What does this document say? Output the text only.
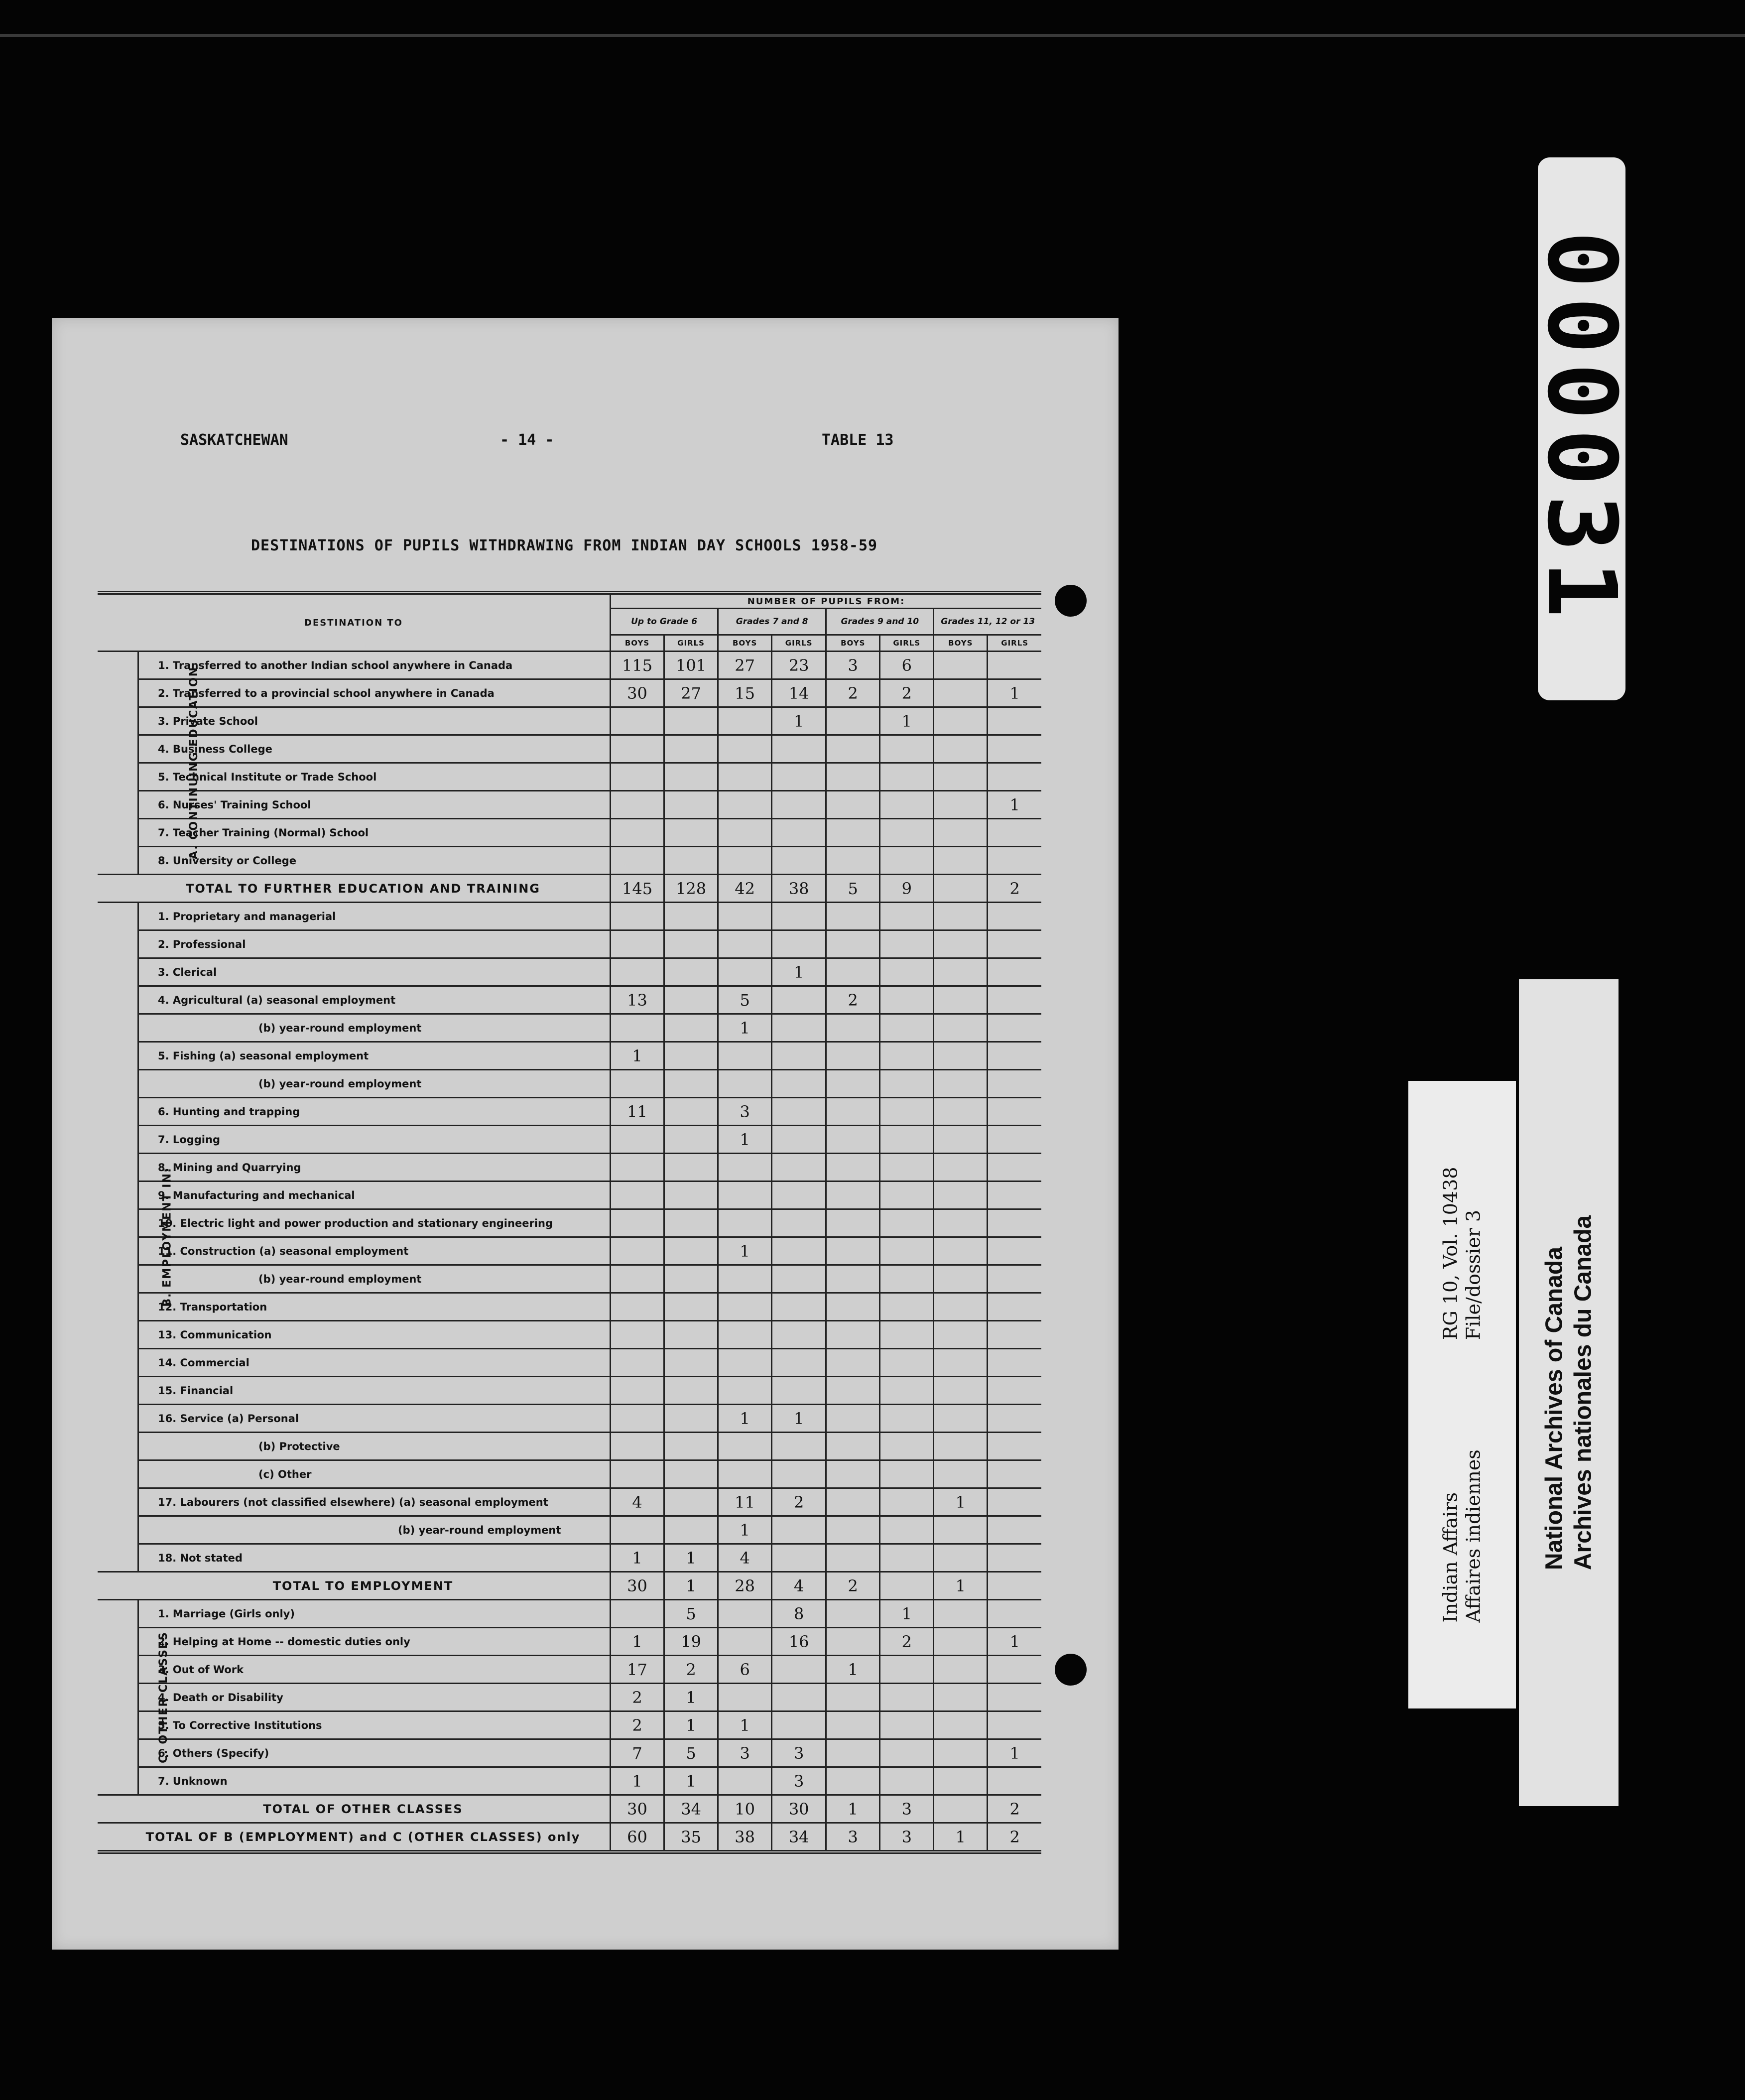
SASKATCHEWAN	- 14 -	TABLE 13
DESTINATIONS OF PUPILS WITHDRAWING FROM INDIAN DAY SCHOOLS 1958-59
DESTINATION TO		NUMBER OF PUPILS FROM:							
		Up to Grade 6		Grades 7 and 8		Grades 9 and 10		Grades 11, 12 or 13	
		BOYS	GIRLS	BOYS	GIRLS	BOYS	GIRLS	BOYS	GIRLS
A. CONTINUING EDUCATION	1. Transferred to another Indian school anywhere in Canada	115	101	27	23	3	6		
	2. Transferred to a provincial school anywhere in Canada	30	27	15	14	2	2		1
	3. Private School				1		1		
	4. Business College								
	5. Technical Institute or Trade School								
	6. Nurses' Training School								1
	7. Teacher Training (Normal) School								
	8. University or College								
TOTAL TO FURTHER EDUCATION AND TRAINING		145	128	42	38	5	9		2
B. EMPLOYMENT IN:	1. Proprietary and managerial								
	2. Professional								
	3. Clerical				1				
	4. Agricultural (a) seasonal employment	13		5		2			
	(b) year-round employment			1					
	5. Fishing (a) seasonal employment	1							
	(b) year-round employment								
	6. Hunting and trapping	11		3					
	7. Logging			1					
	8. Mining and Quarrying								
	9. Manufacturing and mechanical								
	10. Electric light and power production and stationary engineering								
	11. Construction (a) seasonal employment			1					
	(b) year-round employment								
	12. Transportation								
	13. Communication								
	14. Commercial								
	15. Financial								
	16. Service (a) Personal			1	1				
	(b) Protective								
	(c) Other								
	17. Labourers (not classified elsewhere) (a) seasonal employment	4		11	2			1	
	(b) year-round employment			1					
	18. Not stated	1	1	4					
TOTAL TO EMPLOYMENT		30	1	28	4	2		1	
C. OTHER CLASSES	1. Marriage (Girls only)		5		8		1		
	2. Helping at Home -- domestic duties only	1	19		16		2		1
	3. Out of Work	17	2	6		1			
	4. Death or Disability	2	1						
	5. To Corrective Institutions	2	1	1					
	6. Others (Specify)	7	5	3	3				1
	7. Unknown	1	1		3				
TOTAL OF OTHER CLASSES		30	34	10	30	1	3		2
TOTAL OF B (EMPLOYMENT) and C (OTHER CLASSES) only		60	35	38	34	3	3	1	2
000031
Indian Affairs Affaires indiennes
RG 10, Vol. 10438 File/dossier 3 National Archives of Canada Archives nationales du Canada
